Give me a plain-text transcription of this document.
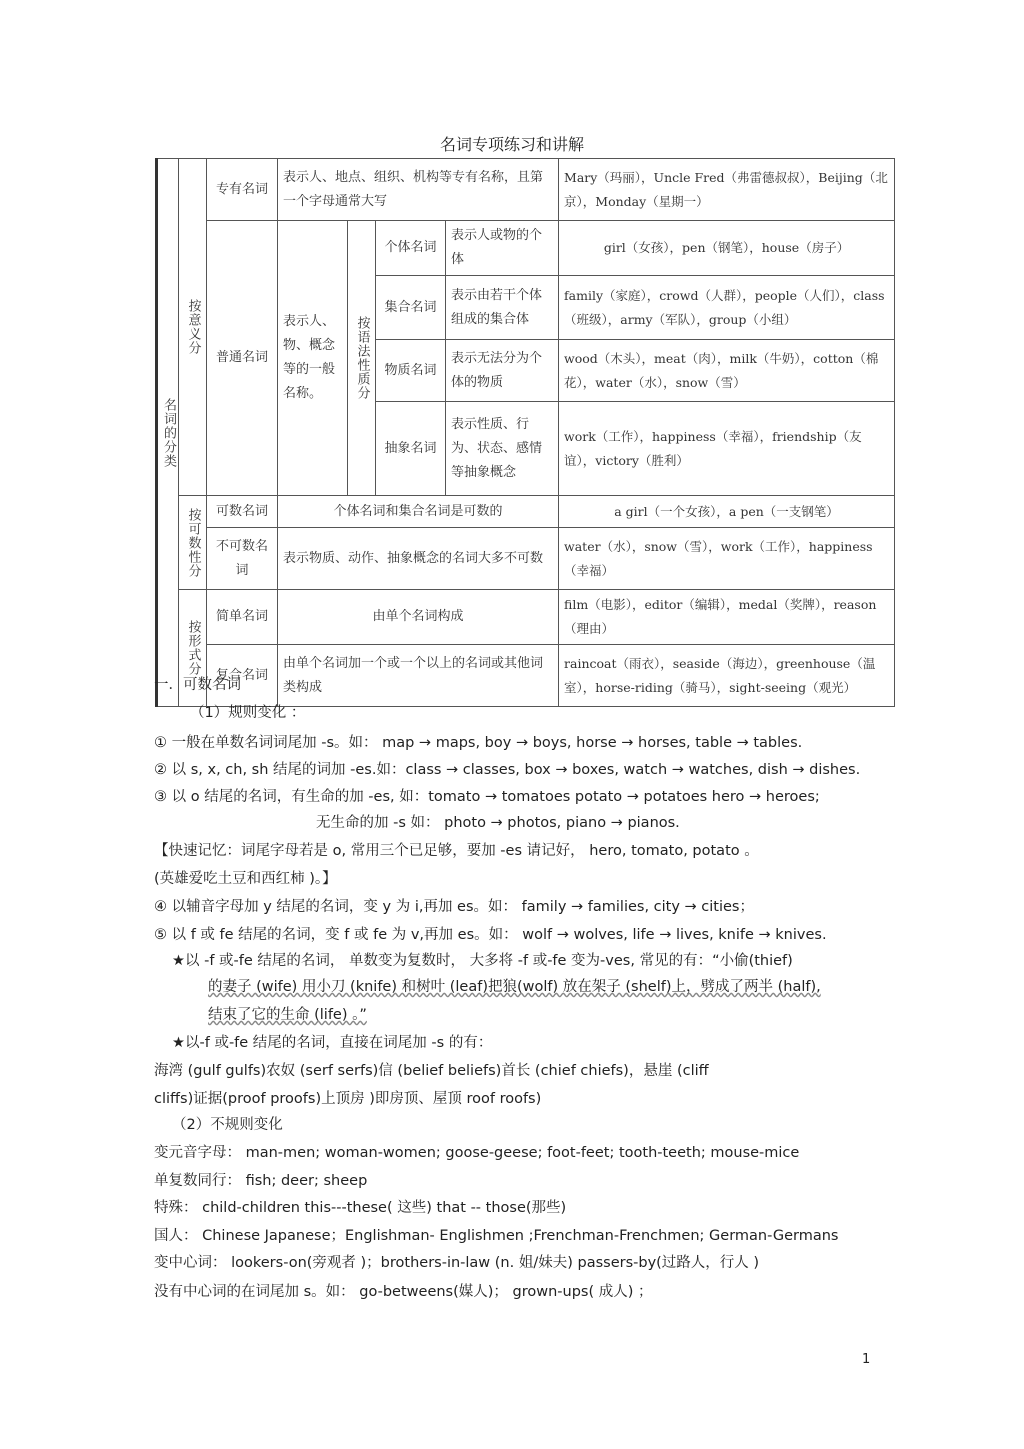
名词专项练习和讲解
名词的分类	按意义分	专有名词	表示人、地点、组织、机构等专有名称，且第一个字母通常大写				Mary（玛丽），Uncle Fred（弗雷德叔叔），Beijing（北京），Monday（星期一）
		普通名词	表示人、物、概念等的一般名称。	按语法性质分	个体名词	表示人或物的个体	girl（女孩），pen（钢笔），house（房子）
					集合名词	表示由若干个体组成的集合体	family（家庭），crowd（人群），people（人们），class（班级），army（军队），group（小组）
					物质名词	表示无法分为个体的物质	wood（木头），meat（肉），milk（牛奶），cotton（棉花），water（水），snow（雪）
					抽象名词	表示性质、行为、状态、感情等抽象概念	work（工作），happiness（幸福），friendship（友谊），victory（胜利）
	按可数性分	可数名词	个体名词和集合名词是可数的				a girl（一个女孩），a pen（一支钢笔）
		不可数名词	表示物质、动作、抽象概念的名词大多不可数				water（水），snow（雪），work（工作），happiness（幸福）
	按形式分	简单名词	由单个名词构成				film（电影），editor（编辑），medal（奖牌），reason（理由）
		复合名词	由单个名词加一个或一个以上的名词或其他词类构成				raincoat（雨衣），seaside（海边），greenhouse（温室），horse-riding（骑马），sight-seeing（观光）
一．可数名词
（1）规则变化 ：
① 一般在单数名词词尾加 -s。如： map → maps, boy → boys, horse → horses, table → tables.
② 以 s, x, ch, sh 结尾的词加 -es.如：class → classes, box → boxes, watch → watches, dish → dishes.
③ 以 o 结尾的名词，有生命的加 -es, 如：tomato → tomatoes potato → potatoes hero → heroes;
无生命的加 -s 如： photo → photos, piano → pianos.
【快速记忆：词尾字母若是 o, 常用三个已足够，要加 -es 请记好， hero, tomato, potato 。
(英雄爱吃土豆和西红柿 )。】
④ 以辅音字母加 y 结尾的名词，变 y 为 i,再加 es。如： family → families, city → cities；
⑤ 以 f 或 fe 结尾的名词，变 f 或 fe 为 v,再加 es。如： wolf → wolves, life → lives, knife → knives.
★以 -f 或-fe 结尾的名词， 单数变为复数时， 大多将 -f 或-fe 变为-ves, 常见的有：“小偷(thief)
的妻子 (wife) 用小刀 (knife) 和树叶 (leaf)把狼(wolf) 放在架子 (shelf)上，劈成了两半 (half),
结束了它的生命 (life) 。”
★以-f 或-fe 结尾的名词，直接在词尾加 -s 的有：
海湾 (gulf gulfs)农奴 (serf serfs)信 (belief beliefs)首长 (chief chiefs)，悬崖 (cliff
cliffs)证据(proof proofs)上顶房 )即房顶、屋顶 roof roofs)
（2）不规则变化
变元音字母： man-men; woman-women; goose-geese; foot-feet; tooth-teeth; mouse-mice
单复数同行： fish; deer; sheep
特殊： child-children this---these( 这些) that -- those(那些)
国人： Chinese Japanese；Englishman- Englishmen ;Frenchman-Frenchmen; German-Germans
变中心词： lookers-on(旁观者 )；brothers-in-law (n. 姐/妹夫) passers-by(过路人，行人 )
没有中心词的在词尾加 s。如： go-betweens(媒人)； grown-ups( 成人) ；
1
